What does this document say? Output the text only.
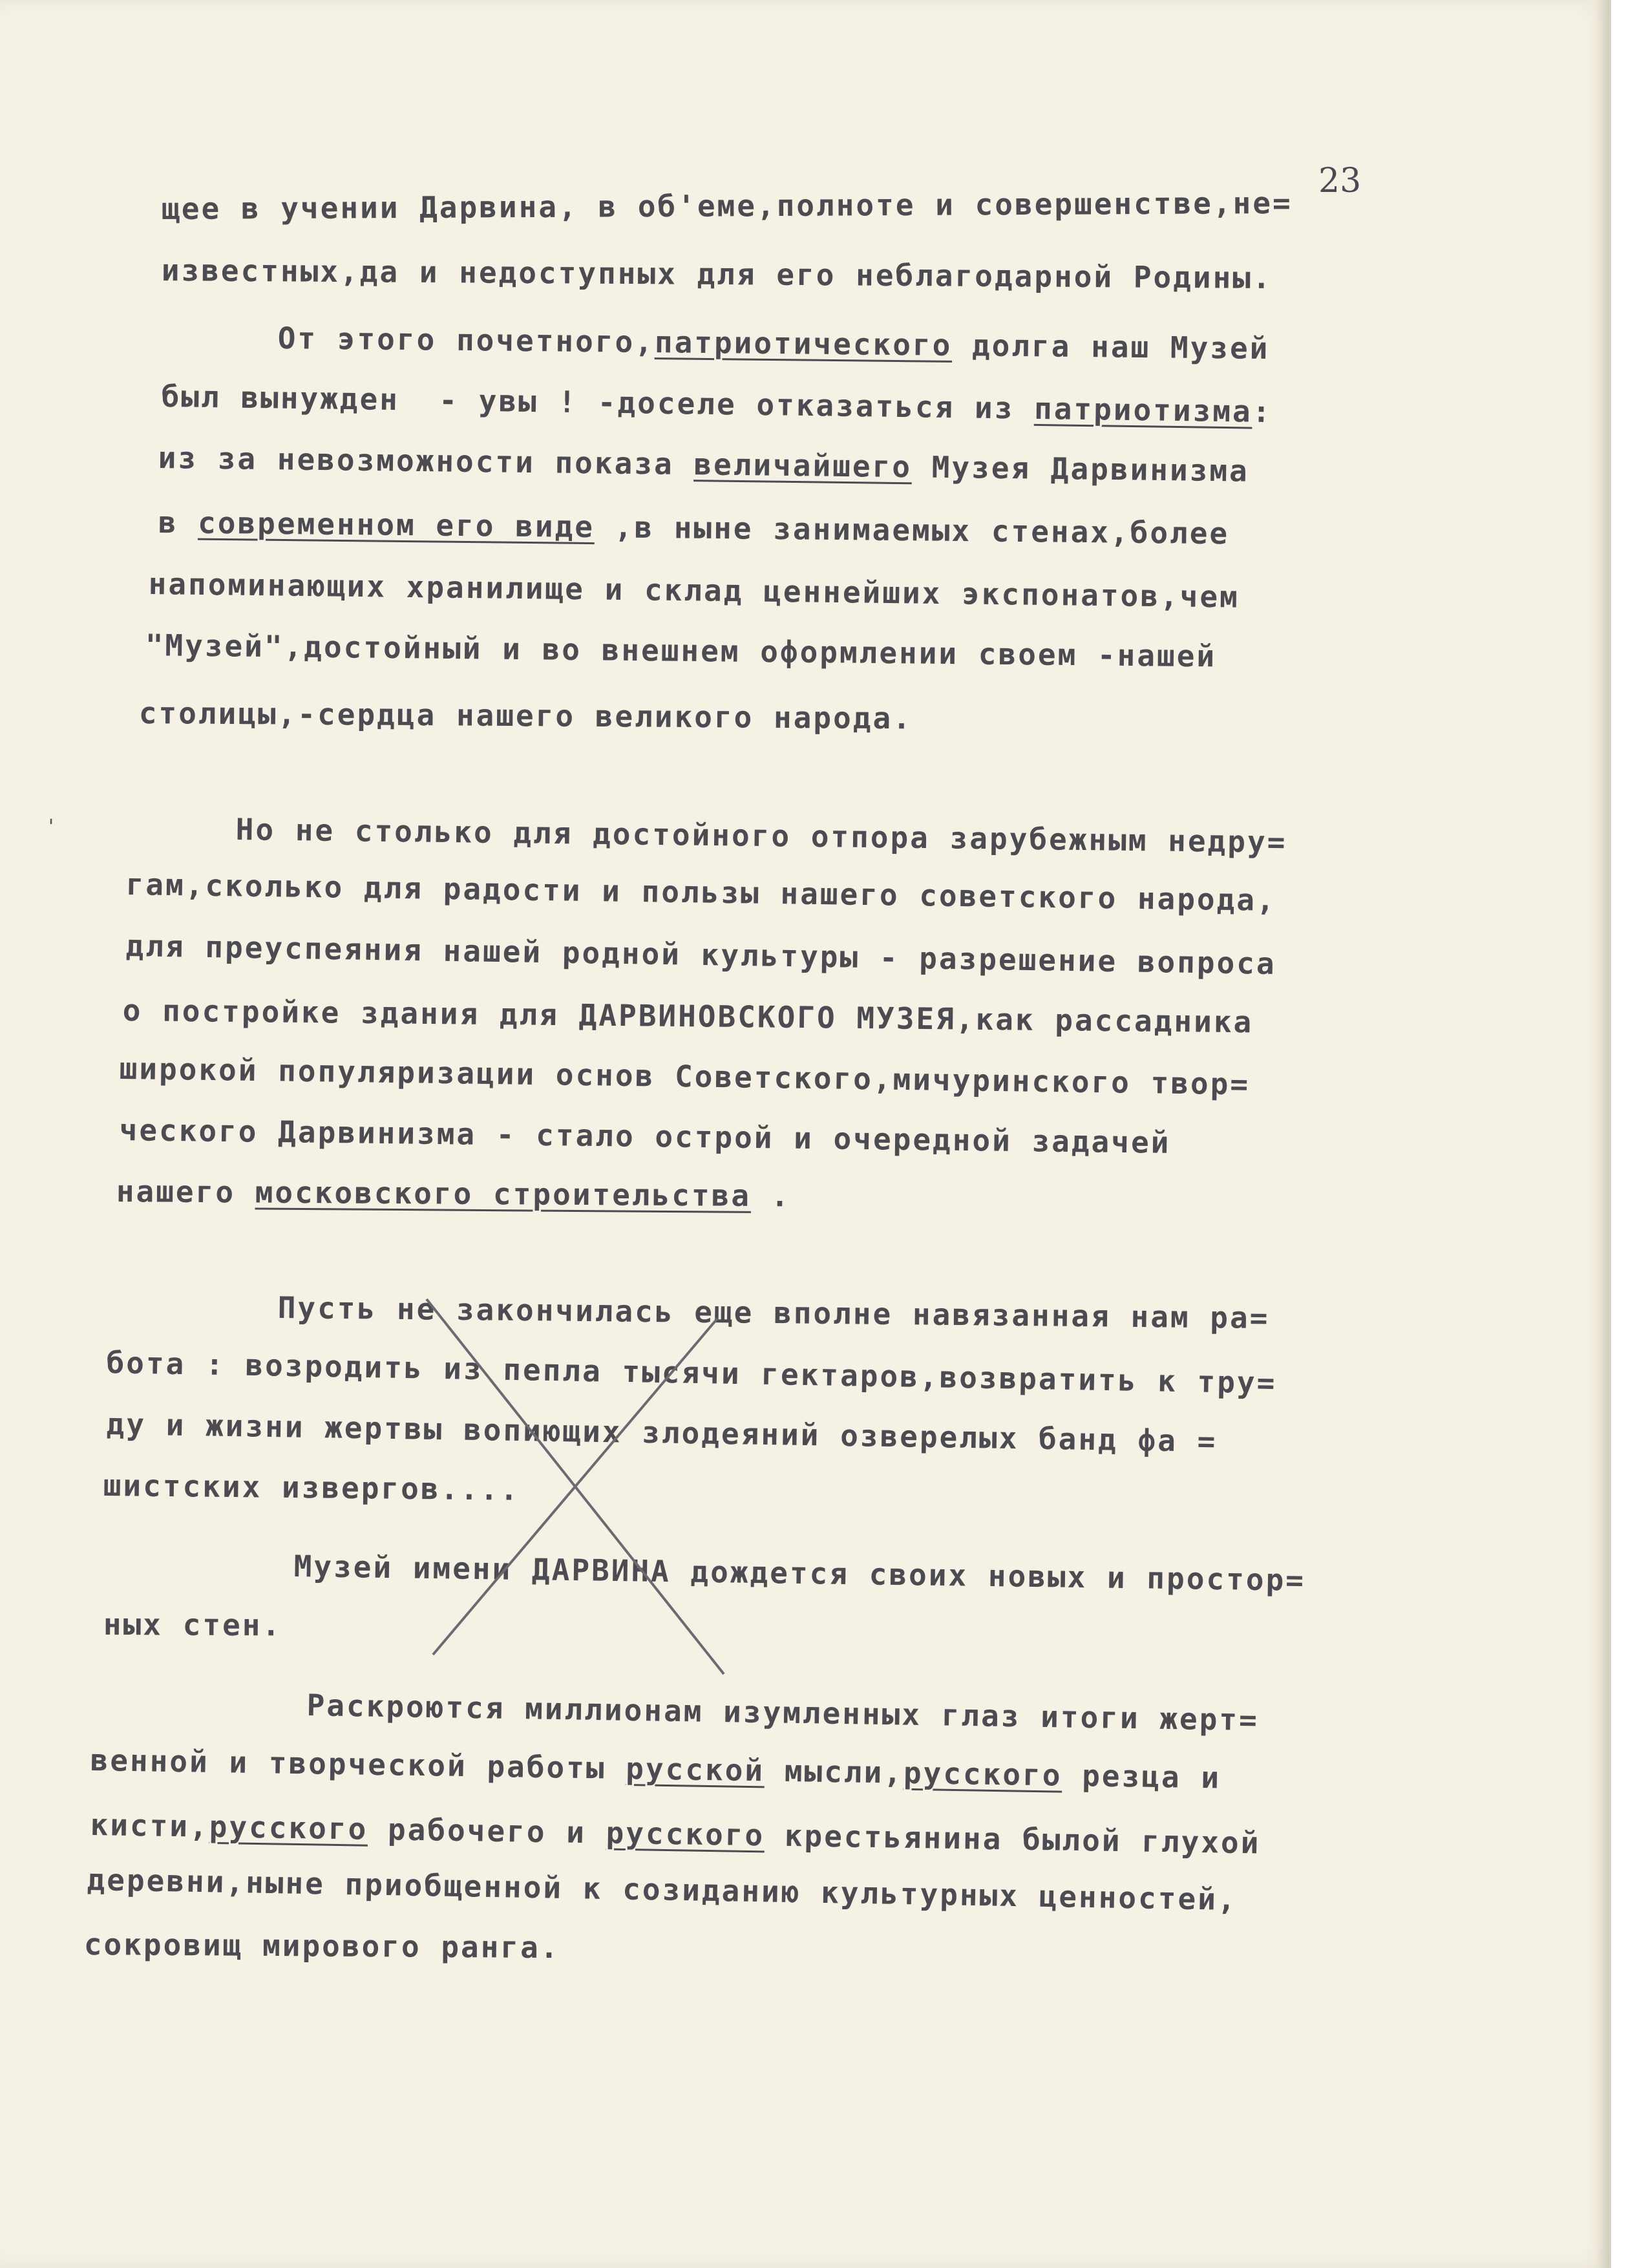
23
'
щее в учении Дарвина, в об'еме,полноте и совершенстве,не=
известных,да и недоступных для его неблагодарной Родины.
От этого почетного,патриотического долга наш Музей
был вынужден  - увы ! -доселе отказаться из патриотизма:
из за невозможности показа величайшего Музея Дарвинизма
в современном его виде ,в ныне занимаемых стенах,более
напоминающих хранилище и склад ценнейших экспонатов,чем
"Музей",достойный и во внешнем оформлении своем -нашей
столицы,-сердца нашего великого народа.
Но не столько для достойного отпора зарубежным недру=
гам,сколько для радости и пользы нашего советского народа,
для преуспеяния нашей родной культуры - разрешение вопроса
о постройке здания для ДАРВИНОВСКОГО МУЗЕЯ,как рассадника
широкой популяризации основ Советского,мичуринского твор=
ческого Дарвинизма - стало острой и очередной задачей
нашего московского строительства .
Пусть не закончилась еще вполне навязанная нам ра=
бота : возродить из пепла тысячи гектаров,возвратить к тру=
ду и жизни жертвы вопиющих злодеяний озверелых банд фа =
шистских извергов....
Музей имени ДАРВИНА дождется своих новых и простор=
ных стен.
Раскроются миллионам изумленных глаз итоги жерт=
венной и творческой работы русской мысли,русского резца и
кисти,русского рабочего и русского крестьянина былой глухой
деревни,ныне приобщенной к созиданию культурных ценностей,
сокровищ мирового ранга.
